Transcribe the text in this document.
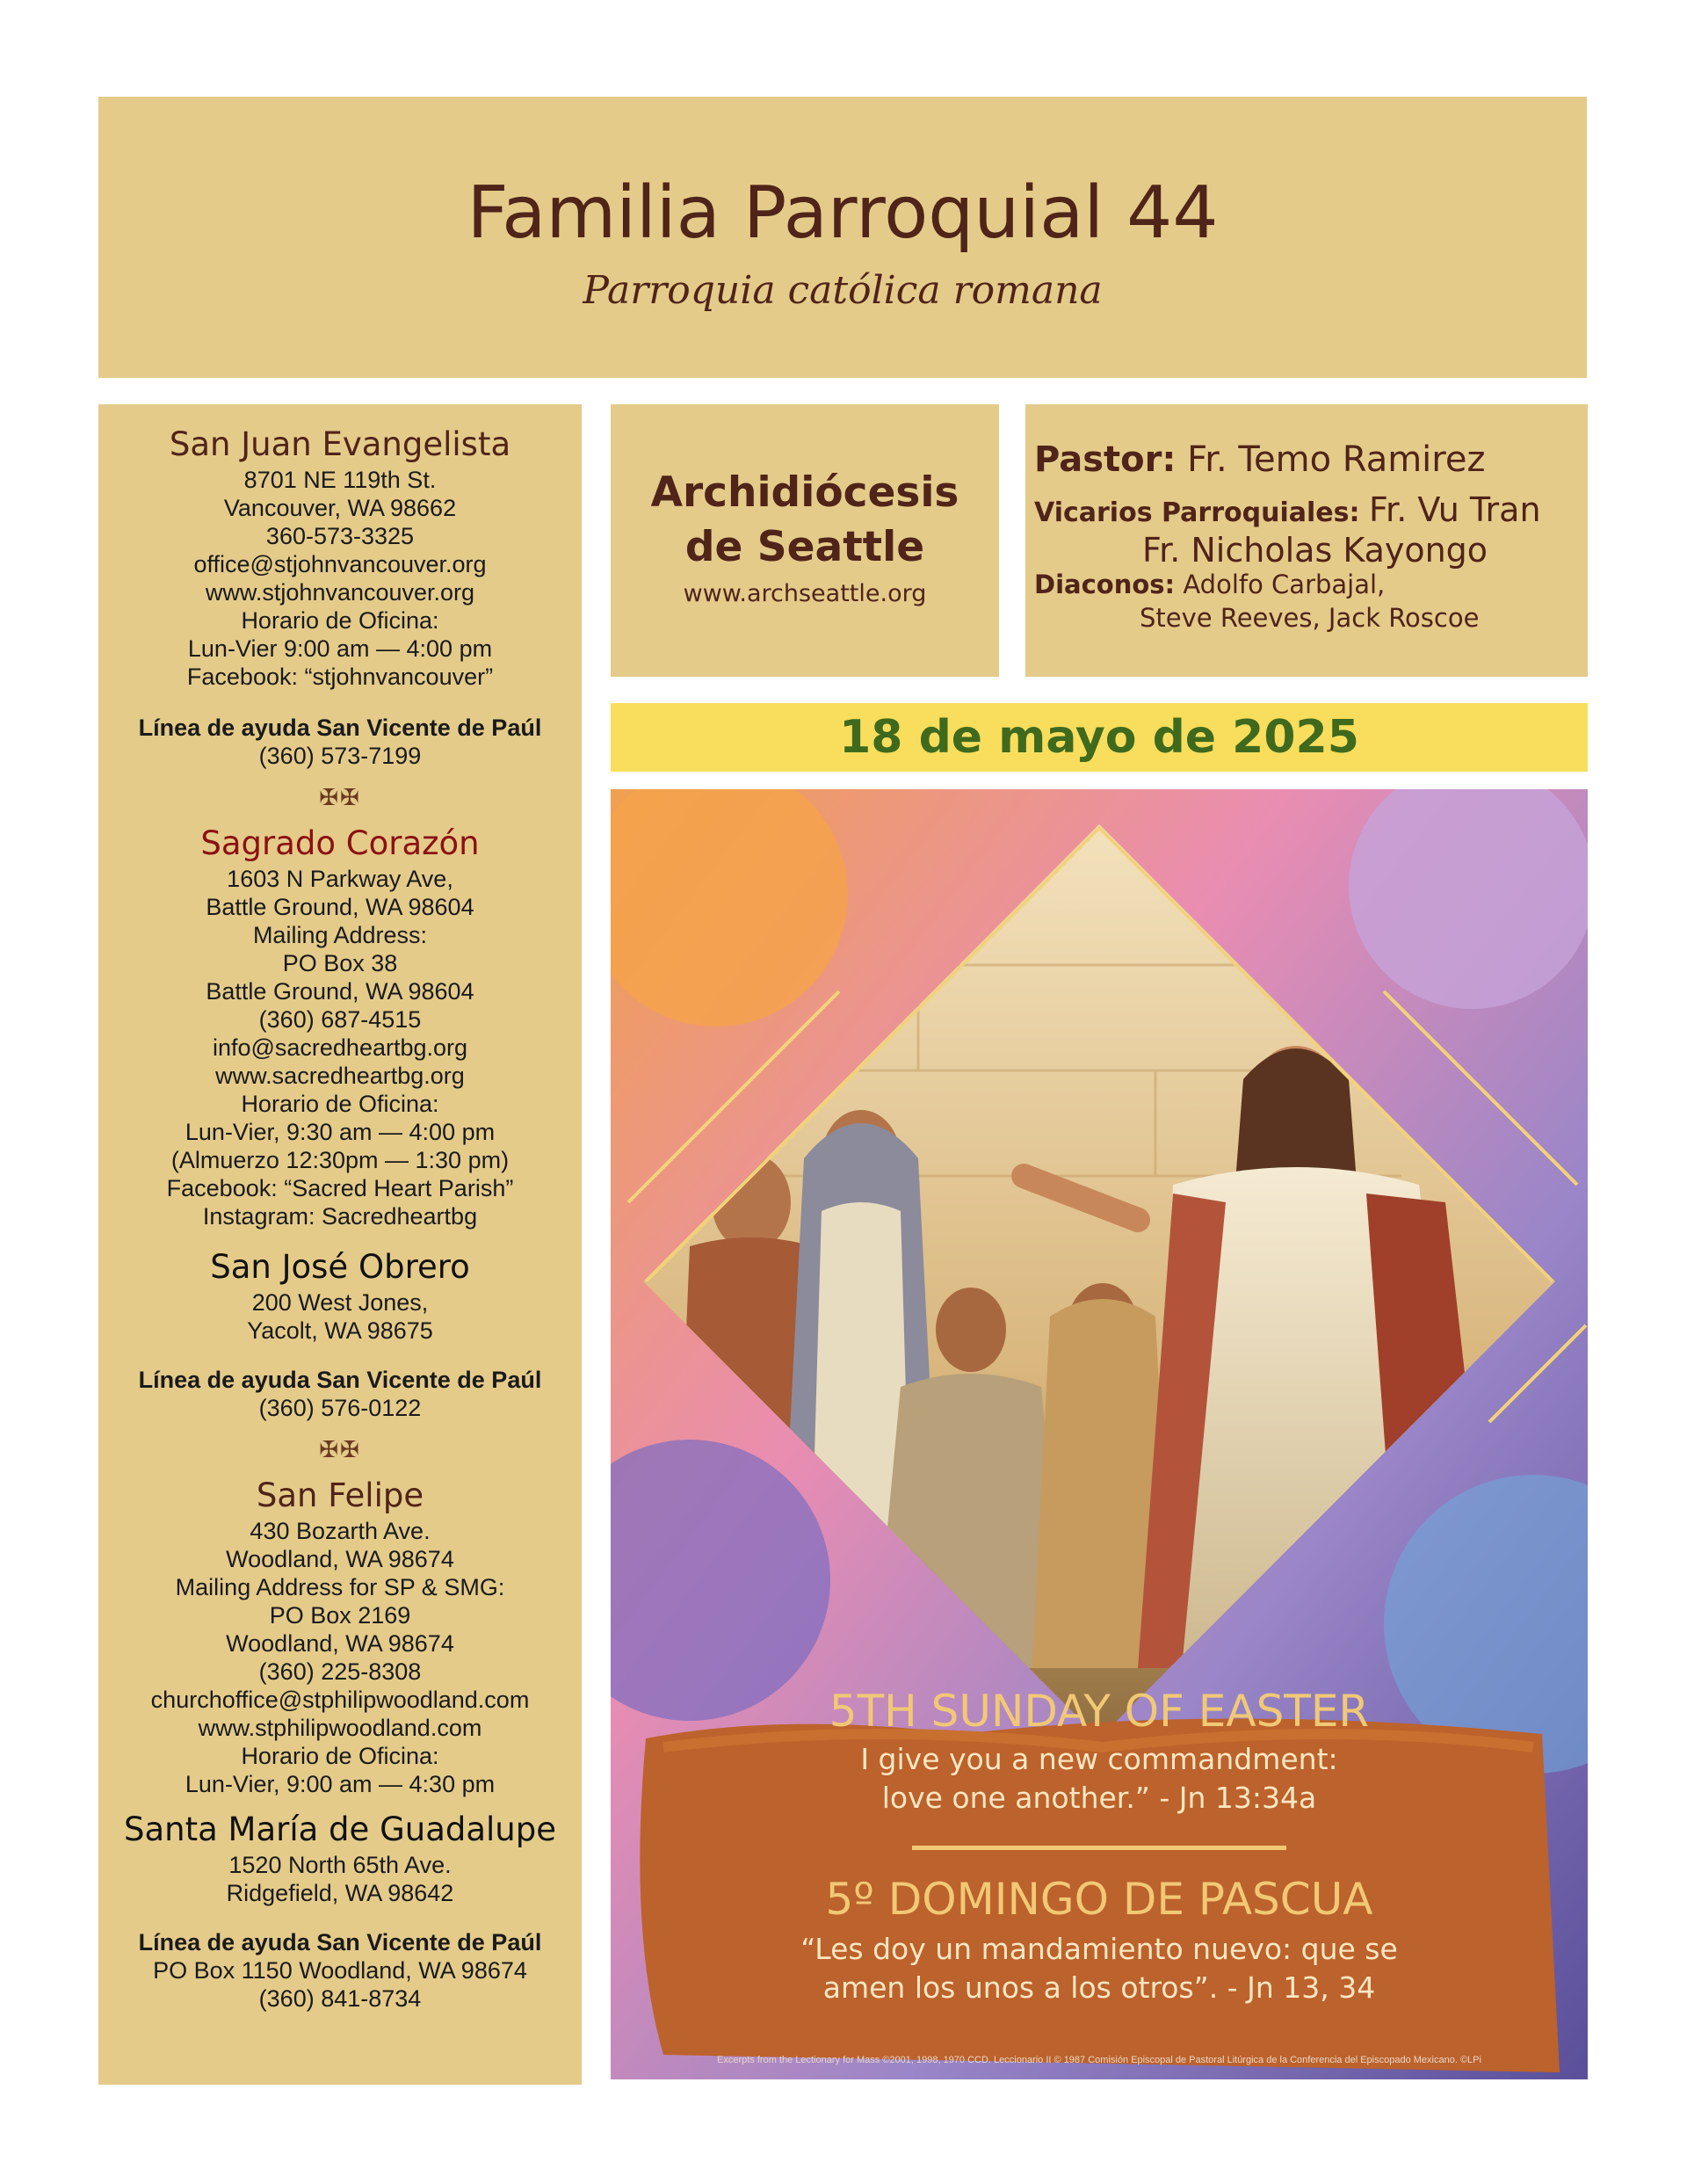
Familia Parroquial 44
Parroquia católica romana
San Juan Evangelista
8701 NE 119th St.
Vancouver, WA 98662
360-573-3325
office@stjohnvancouver.org
www.stjohnvancouver.org
Horario de Oficina:
Lun-Vier 9:00 am — 4:00 pm
Facebook: “stjohnvancouver”
Línea de ayuda San Vicente de Paúl
(360) 573-7199
✠✠
Sagrado Corazón
1603 N Parkway Ave,
Battle Ground, WA 98604
Mailing Address:
PO Box 38
Battle Ground, WA 98604
(360) 687-4515
info@sacredheartbg.org
www.sacredheartbg.org
Horario de Oficina:
Lun-Vier, 9:30 am — 4:00 pm
(Almuerzo 12:30pm — 1:30 pm)
Facebook: “Sacred Heart Parish”
Instagram: Sacredheartbg
San José Obrero
200 West Jones,
Yacolt, WA 98675
Línea de ayuda San Vicente de Paúl
(360) 576-0122
✠✠
San Felipe
430 Bozarth Ave.
Woodland, WA 98674
Mailing Address for SP & SMG:
PO Box 2169
Woodland, WA 98674
(360) 225-8308
churchoffice@stphilipwoodland.com
www.stphilipwoodland.com
Horario de Oficina:
Lun-Vier, 9:00 am — 4:30 pm
Santa María de Guadalupe
1520 North 65th Ave.
Ridgefield, WA 98642
Línea de ayuda San Vicente de Paúl
PO Box 1150 Woodland, WA 98674
(360) 841-8734
Archidiócesis
de Seattle
www.archseattle.org
Pastor: Fr. Temo Ramirez
Vicarios Parroquiales: Fr. Vu Tran
Fr. Nicholas Kayongo
Diaconos: Adolfo Carbajal,
Steve Reeves, Jack Roscoe
18 de mayo de 2025
5TH SUNDAY OF EASTER
I give you a new commandment:
love one another.” - Jn 13:34a
5º DOMINGO DE PASCUA
“Les doy un mandamiento nuevo: que se
amen los unos a los otros”. - Jn 13, 34
Excerpts from the Lectionary for Mass ©2001, 1998, 1970 CCD. Leccionario II © 1987 Comisión Episcopal de Pastoral Litúrgica de la Conferencia del Episcopado Mexicano. ©LPi
